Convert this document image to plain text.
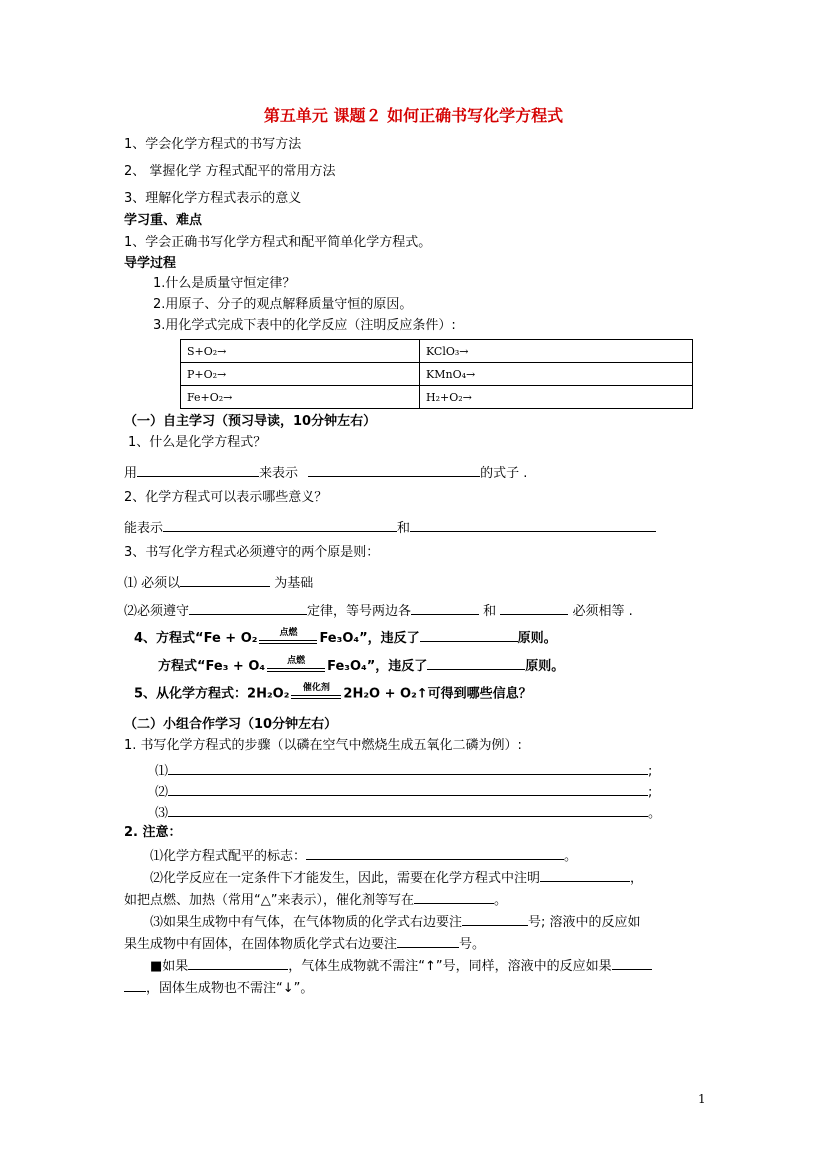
第五单元 课题２ 如何正确书写化学方程式
1、学会化学方程式的书写方法
2、 掌握化学 方程式配平的常用方法
3、理解化学方程式表示的意义
学习重、难点
1、学会正确书写化学方程式和配平简单化学方程式。
导学过程
1.什么是质量守恒定律？
2.用原子、分子的观点解释质量守恒的原因。
3.用化学式完成下表中的化学反应（注明反应条件）:
S+O₂→	KClO₃→
P+O₂→	KMnO₄→
Fe+O₂→	H₂+O₂→
（一）自主学习（预习导读，10分钟左右）
1、什么是化学方程式？
用	来表示	的式子 .
2、化学方程式可以表示哪些意义？
能表示	和
3、书写化学方程式必须遵守的两个原是则：
⑴ 必须以	为基础
⑵必须遵守	定律，等号两边各	和	必须相等 .
4、方程式“Fe + O₂	点燃	Fe₃O₄”，违反了	原则。
方程式“Fe₃ + O₄	点燃	Fe₃O₄”，违反了	原则。
5、从化学方程式：2H₂O₂	催化剂	2H₂O + O₂↑可得到哪些信息？
（二）小组合作学习（10分钟左右）
1. 书写化学方程式的步骤（以磷在空气中燃烧生成五氧化二磷为例）:
⑴	;
⑵	;
⑶	。
2. 注意：
⑴化学方程式配平的标志：	。
⑵化学反应在一定条件下才能发生，因此，需要在化学方程式中注明	，
如把点燃、加热（常用“△”来表示），催化剂等写在	。
⑶如果生成物中有气体，在气体物质的化学式右边要注	号; 溶液中的反应如
果生成物中有固体，在固体物质化学式右边要注	号。
■如果	，气体生成物就不需注“↑”号，同样，溶液中的反应如果
，固体生成物也不需注“↓”。
1
